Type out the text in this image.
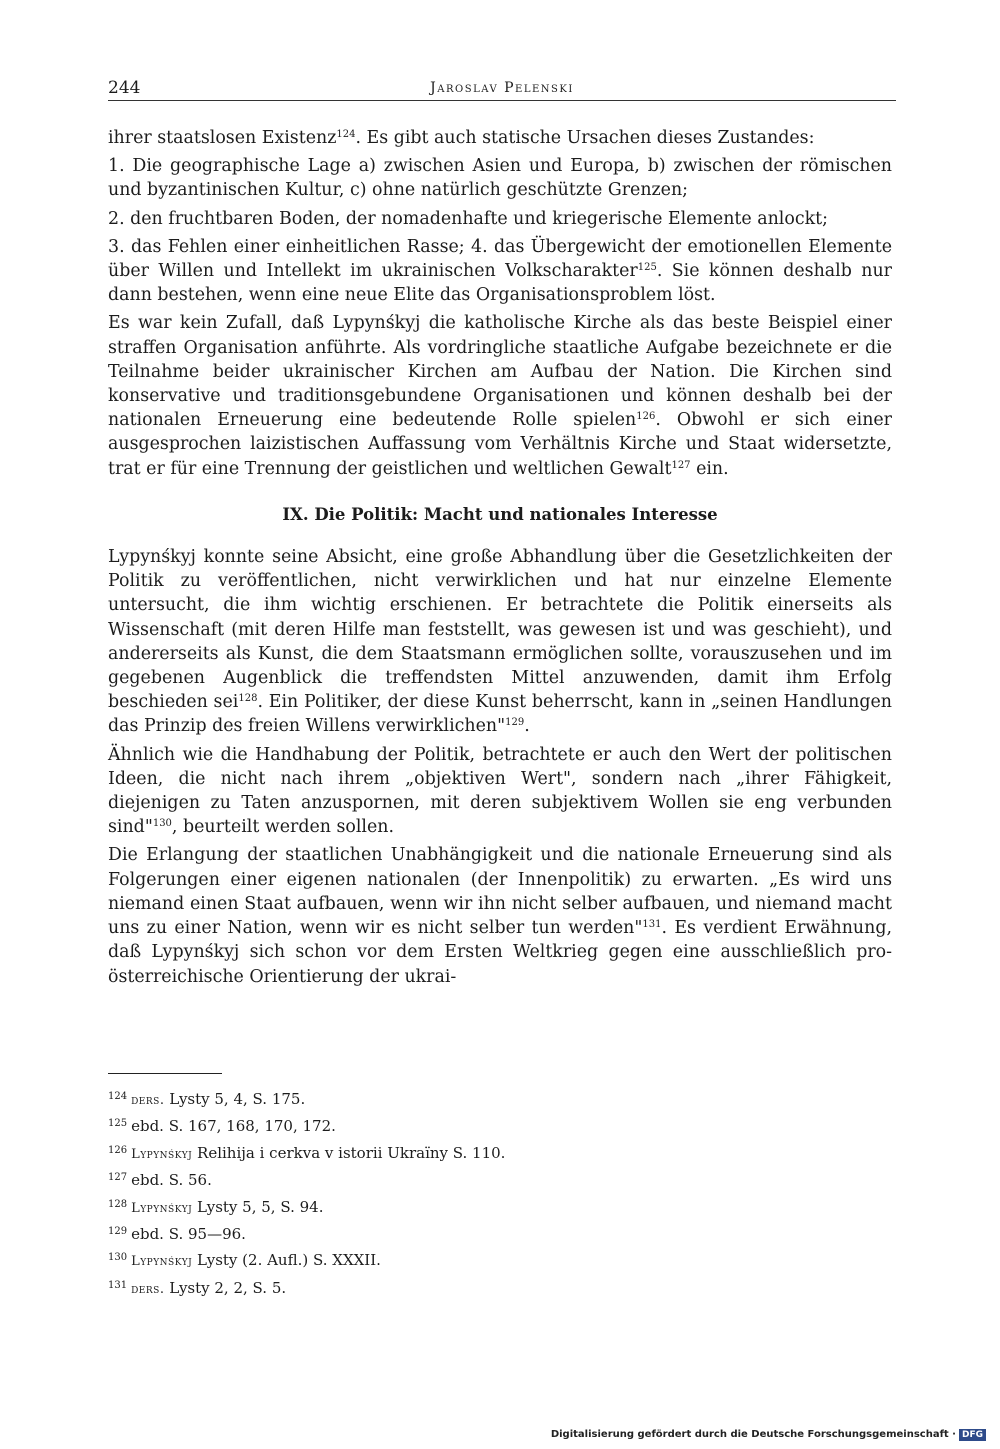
244	Jaroslav Pelenski

ihrer staatslosen Existenz$^{124}$. Es gibt auch statische Ursachen dieses Zustandes:

1. Die geographische Lage a) zwischen Asien und Europa, b) zwischen der römischen und byzantinischen Kultur, c) ohne natürlich geschützte Grenzen;

2. den fruchtbaren Boden, der nomadenhafte und kriegerische Elemente anlockt;

3. das Fehlen einer einheitlichen Rasse; 4. das Übergewicht der emotionellen Elemente über Willen und Intellekt im ukrainischen Volkscharakter$^{125}$. Sie können deshalb nur dann bestehen, wenn eine neue Elite das Organisationsproblem löst.

Es war kein Zufall, daß Lypynśkyj die katholische Kirche als das beste Beispiel einer straffen Organisation anführte. Als vordringliche staatliche Aufgabe bezeichnete er die Teilnahme beider ukrainischer Kirchen am Aufbau der Nation. Die Kirchen sind konservative und traditionsgebundene Organisationen und können deshalb bei der nationalen Erneuerung eine bedeutende Rolle spielen$^{126}$. Obwohl er sich einer ausgesprochen laizistischen Auffassung vom Verhältnis Kirche und Staat widersetzte, trat er für eine Trennung der geistlichen und weltlichen Gewalt$^{127}$ ein.

IX. Die Politik: Macht und nationales Interesse

Lypynśkyj konnte seine Absicht, eine große Abhandlung über die Gesetzlichkeiten der Politik zu veröffentlichen, nicht verwirklichen und hat nur einzelne Elemente untersucht, die ihm wichtig erschienen. Er betrachtete die Politik einerseits als Wissenschaft (mit deren Hilfe man feststellt, was gewesen ist und was geschieht), und andererseits als Kunst, die dem Staatsmann ermöglichen sollte, vorauszusehen und im gegebenen Augenblick die treffendsten Mittel anzuwenden, damit ihm Erfolg beschieden sei$^{128}$. Ein Politiker, der diese Kunst beherrscht, kann in „seinen Handlungen das Prinzip des freien Willens verwirklichen"$^{129}$.

Ähnlich wie die Handhabung der Politik, betrachtete er auch den Wert der politischen Ideen, die nicht nach ihrem „objektiven Wert", sondern nach „ihrer Fähigkeit, diejenigen zu Taten anzuspornen, mit deren subjektivem Wollen sie eng verbunden sind"$^{130}$, beurteilt werden sollen.

Die Erlangung der staatlichen Unabhängigkeit und die nationale Erneuerung sind als Folgerungen einer eigenen nationalen (der Innenpolitik) zu erwarten. „Es wird uns niemand einen Staat aufbauen, wenn wir ihn nicht selber aufbauen, und niemand macht uns zu einer Nation, wenn wir es nicht selber tun werden"$^{131}$. Es verdient Erwähnung, daß Lypynśkyj sich schon vor dem Ersten Weltkrieg gegen eine ausschließlich pro-österreichische Orientierung der ukrai-

$^{124}$ ders. Lysty 5, 4, S. 175.
$^{125}$ ebd. S. 167, 168, 170, 172.
$^{126}$ Lypynśkyj Relihija i cerkva v istorii Ukraïny S. 110.
$^{127}$ ebd. S. 56.
$^{128}$ Lypynśkyj Lysty 5, 5, S. 94.
$^{129}$ ebd. S. 95—96.
$^{130}$ Lypynśkyj Lysty (2. Aufl.) S. XXXII.
$^{131}$ ders. Lysty 2, 2, S. 5.
Digitalisierung gefördert durch die Deutsche Forschungsgemeinschaft · DFG
